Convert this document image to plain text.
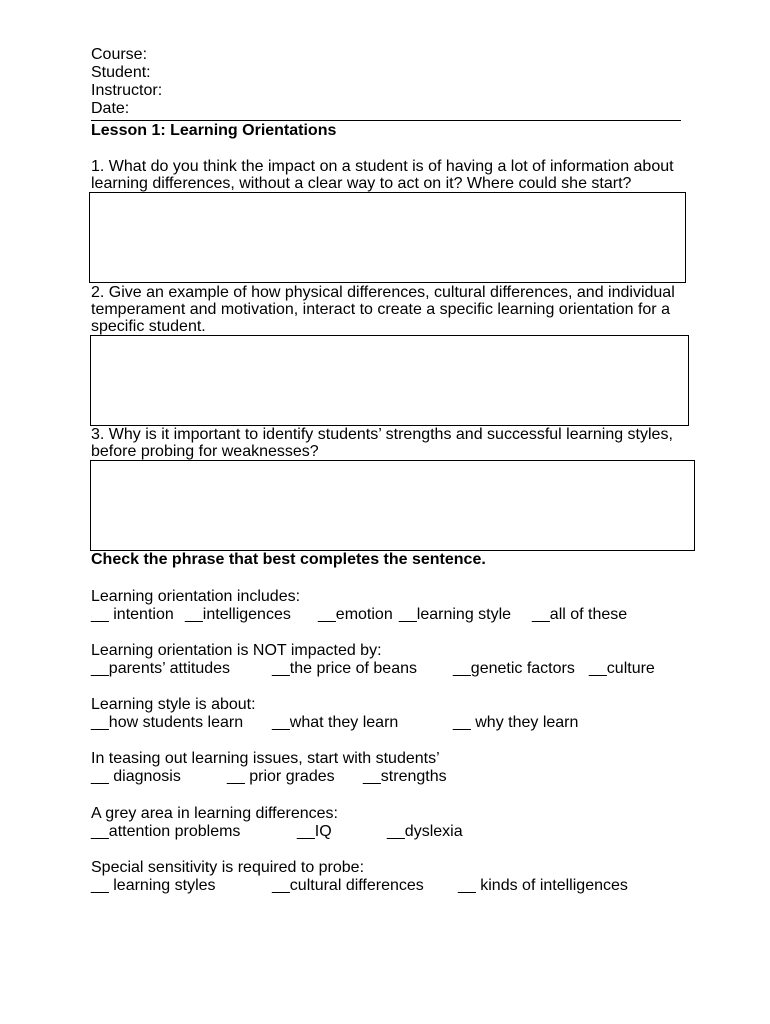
Course:
Student:
Instructor:
Date:
Lesson 1: Learning Orientations
1. What do you think the impact on a student is of having a lot of information about
learning differences, without a clear way to act on it? Where could she start?
2. Give an example of how physical differences, cultural differences, and individual
temperament and motivation, interact to create a specific learning orientation for a
specific student.
3. Why is it important to identify students’ strengths and successful learning styles,
before probing for weaknesses?
Check the phrase that best completes the sentence.
Learning orientation includes:
__ intention __intelligences __emotion __learning style __all of these
Learning orientation is NOT impacted by:
__parents’ attitudes	__the price of beans __genetic factors __culture
Learning style is about:
__how students learn __what they learn	__ why they learn
In teasing out learning issues, start with students’
__ diagnosis	__ prior grades __strengths
A grey area in learning differences:
__attention problems	__IQ	__dyslexia
Special sensitivity is required to probe:
__ learning styles	__cultural differences __ kinds of intelligences
